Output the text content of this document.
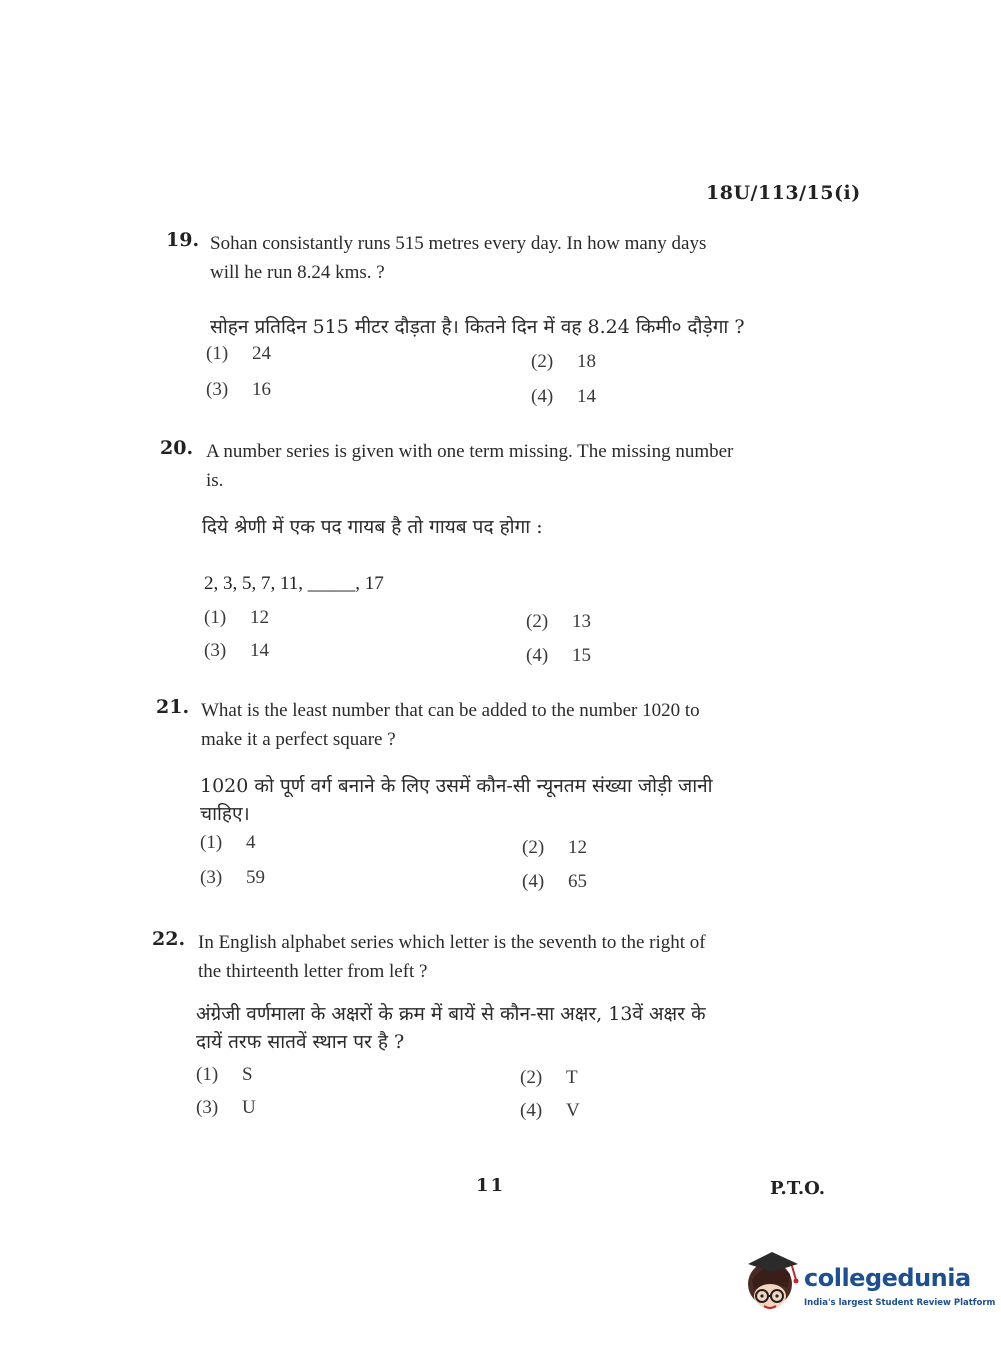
18U/113/15(i)
19. Sohan consistantly runs 515 metres every day. In how many days
will he run 8.24 kms. ?
सोहन प्रतिदिन 515 मीटर दौड़ता है। कितने दिन में वह 8.24 किमी० दौड़ेगा ?
(1) 24	(2) 18
(3) 16	(4) 14
20. A number series is given with one term missing. The missing number
is.
दिये श्रेणी में एक पद गायब है तो गायब पद होगा :
2, 3, 5, 7, 11, _____, 17
(1) 12	(2) 13
(3) 14	(4) 15
21. What is the least number that can be added to the number 1020 to
make it a perfect square ?
1020 को पूर्ण वर्ग बनाने के लिए उसमें कौन-सी न्यूनतम संख्या जोड़ी जानी
चाहिए।
(1) 4	(2) 12
(3) 59	(4) 65
22. In English alphabet series which letter is the seventh to the right of
the thirteenth letter from left ?
अंग्रेजी वर्णमाला के अक्षरों के क्रम में बायें से कौन-सा अक्षर, 13वें अक्षर के
दायें तरफ सातवें स्थान पर है ?
(1) S	(2) T
(3) U	(4) V
11	P.T.O.
collegedunia
India's largest Student Review Platform
